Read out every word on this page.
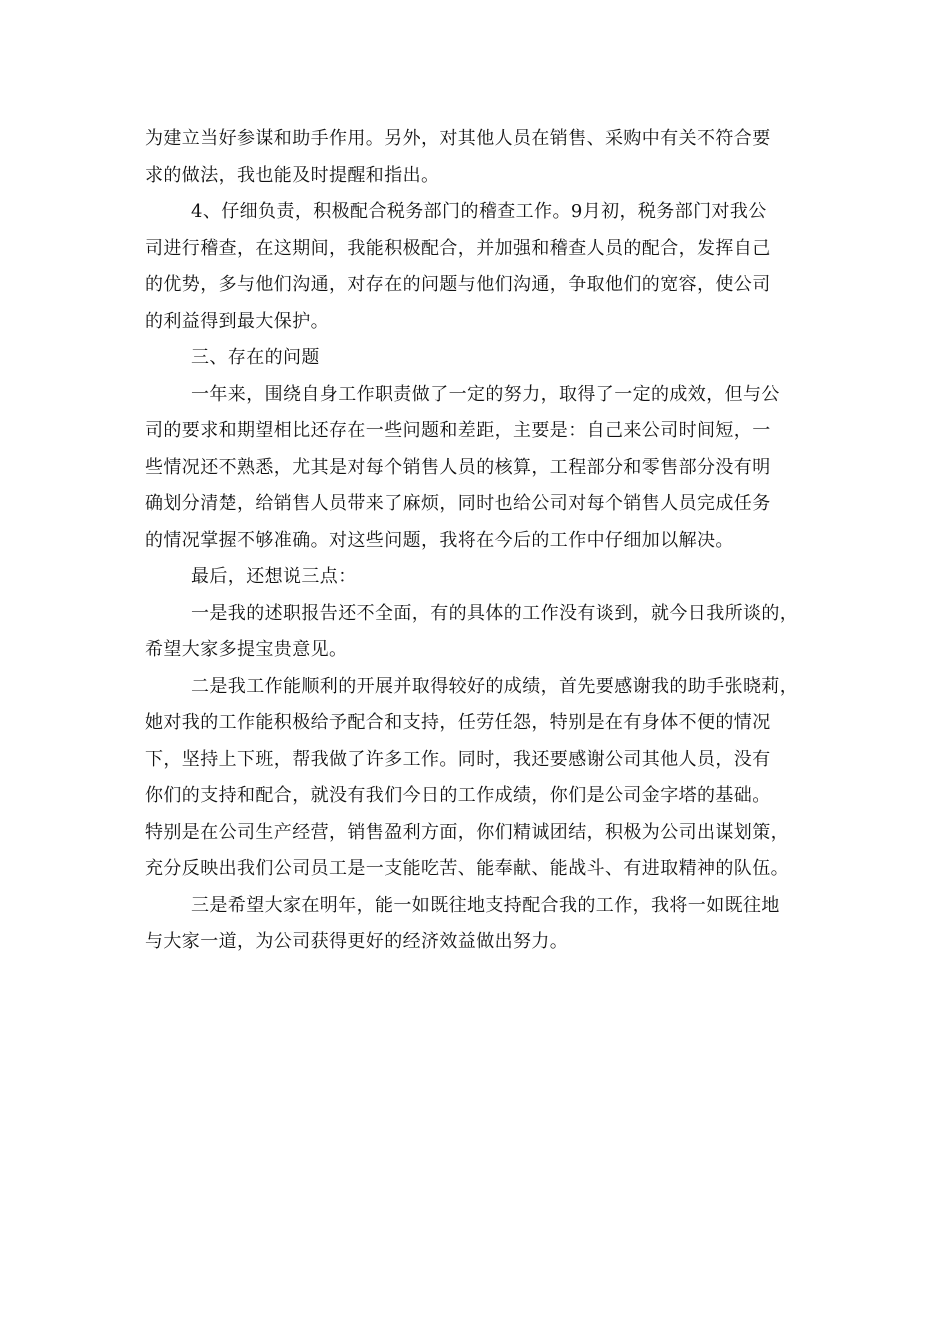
为建立当好参谋和助手作用。另外，对其他人员在销售、采购中有关不符合要
求的做法，我也能及时提醒和指出。
4、仔细负责，积极配合税务部门的稽查工作。9月初，税务部门对我公
司进行稽查，在这期间，我能积极配合，并加强和稽查人员的配合，发挥自己
的优势，多与他们沟通，对存在的问题与他们沟通，争取他们的宽容，使公司
的利益得到最大保护。
三、存在的问题
一年来，围绕自身工作职责做了一定的努力，取得了一定的成效，但与公
司的要求和期望相比还存在一些问题和差距，主要是：自己来公司时间短，一
些情况还不熟悉，尤其是对每个销售人员的核算，工程部分和零售部分没有明
确划分清楚，给销售人员带来了麻烦，同时也给公司对每个销售人员完成任务
的情况掌握不够准确。对这些问题，我将在今后的工作中仔细加以解决。
最后，还想说三点：
一是我的述职报告还不全面，有的具体的工作没有谈到，就今日我所谈的，
希望大家多提宝贵意见。
二是我工作能顺利的开展并取得较好的成绩，首先要感谢我的助手张晓莉，
她对我的工作能积极给予配合和支持，任劳任怨，特别是在有身体不便的情况
下，坚持上下班，帮我做了许多工作。同时，我还要感谢公司其他人员，没有
你们的支持和配合，就没有我们今日的工作成绩，你们是公司金字塔的基础。
特别是在公司生产经营，销售盈利方面，你们精诚团结，积极为公司出谋划策，
充分反映出我们公司员工是一支能吃苦、能奉献、能战斗、有进取精神的队伍。
三是希望大家在明年，能一如既往地支持配合我的工作，我将一如既往地
与大家一道，为公司获得更好的经济效益做出努力。
